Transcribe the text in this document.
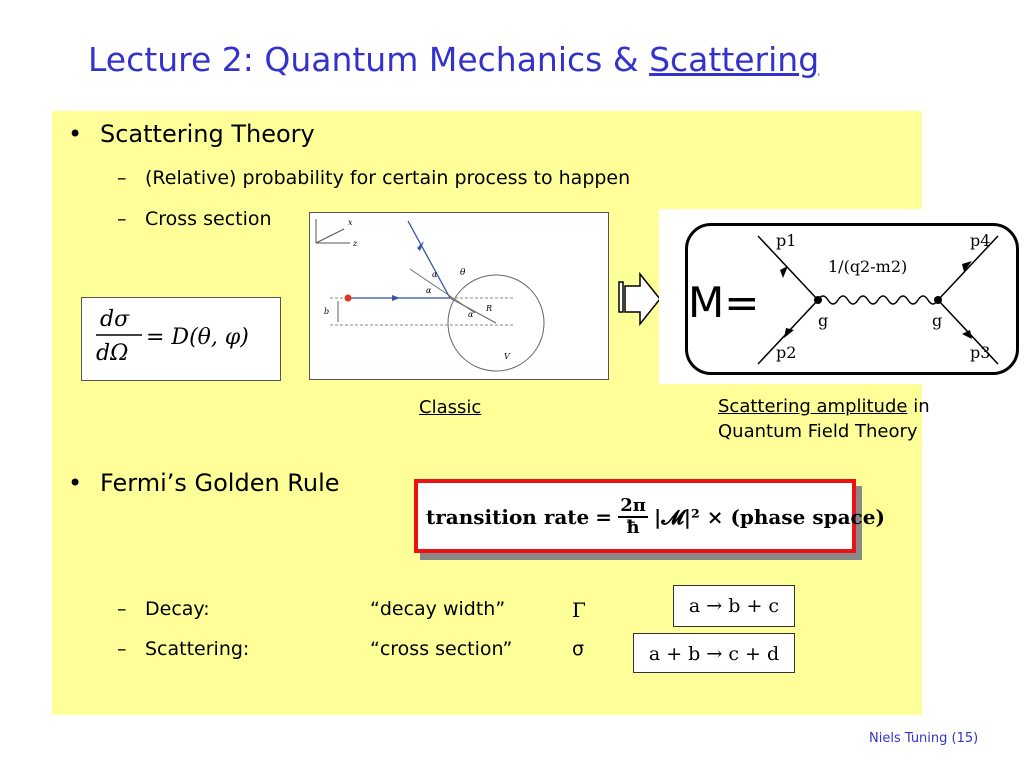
Lecture 2: Quantum Mechanics & Scattering
• Scattering Theory
– (Relative) probability for certain process to happen
– Cross section
dσ
dΩ
= D(θ, φ)
x
z
b
α
α
θ
R
α
V
Classic
p1
p2
p4
p3
1/(q2-m2)
g	g
M=
Scattering amplitude in
Quantum Field Theory
• Fermi’s Golden Rule
transition rate = $\frac{2\pi}{ħ}$ |𝓜|² × (phase space)
– Decay:	“decay width”	Γ
– Scattering:	“cross section”	σ
a → b + c
a + b → c + d
Niels Tuning (15)
